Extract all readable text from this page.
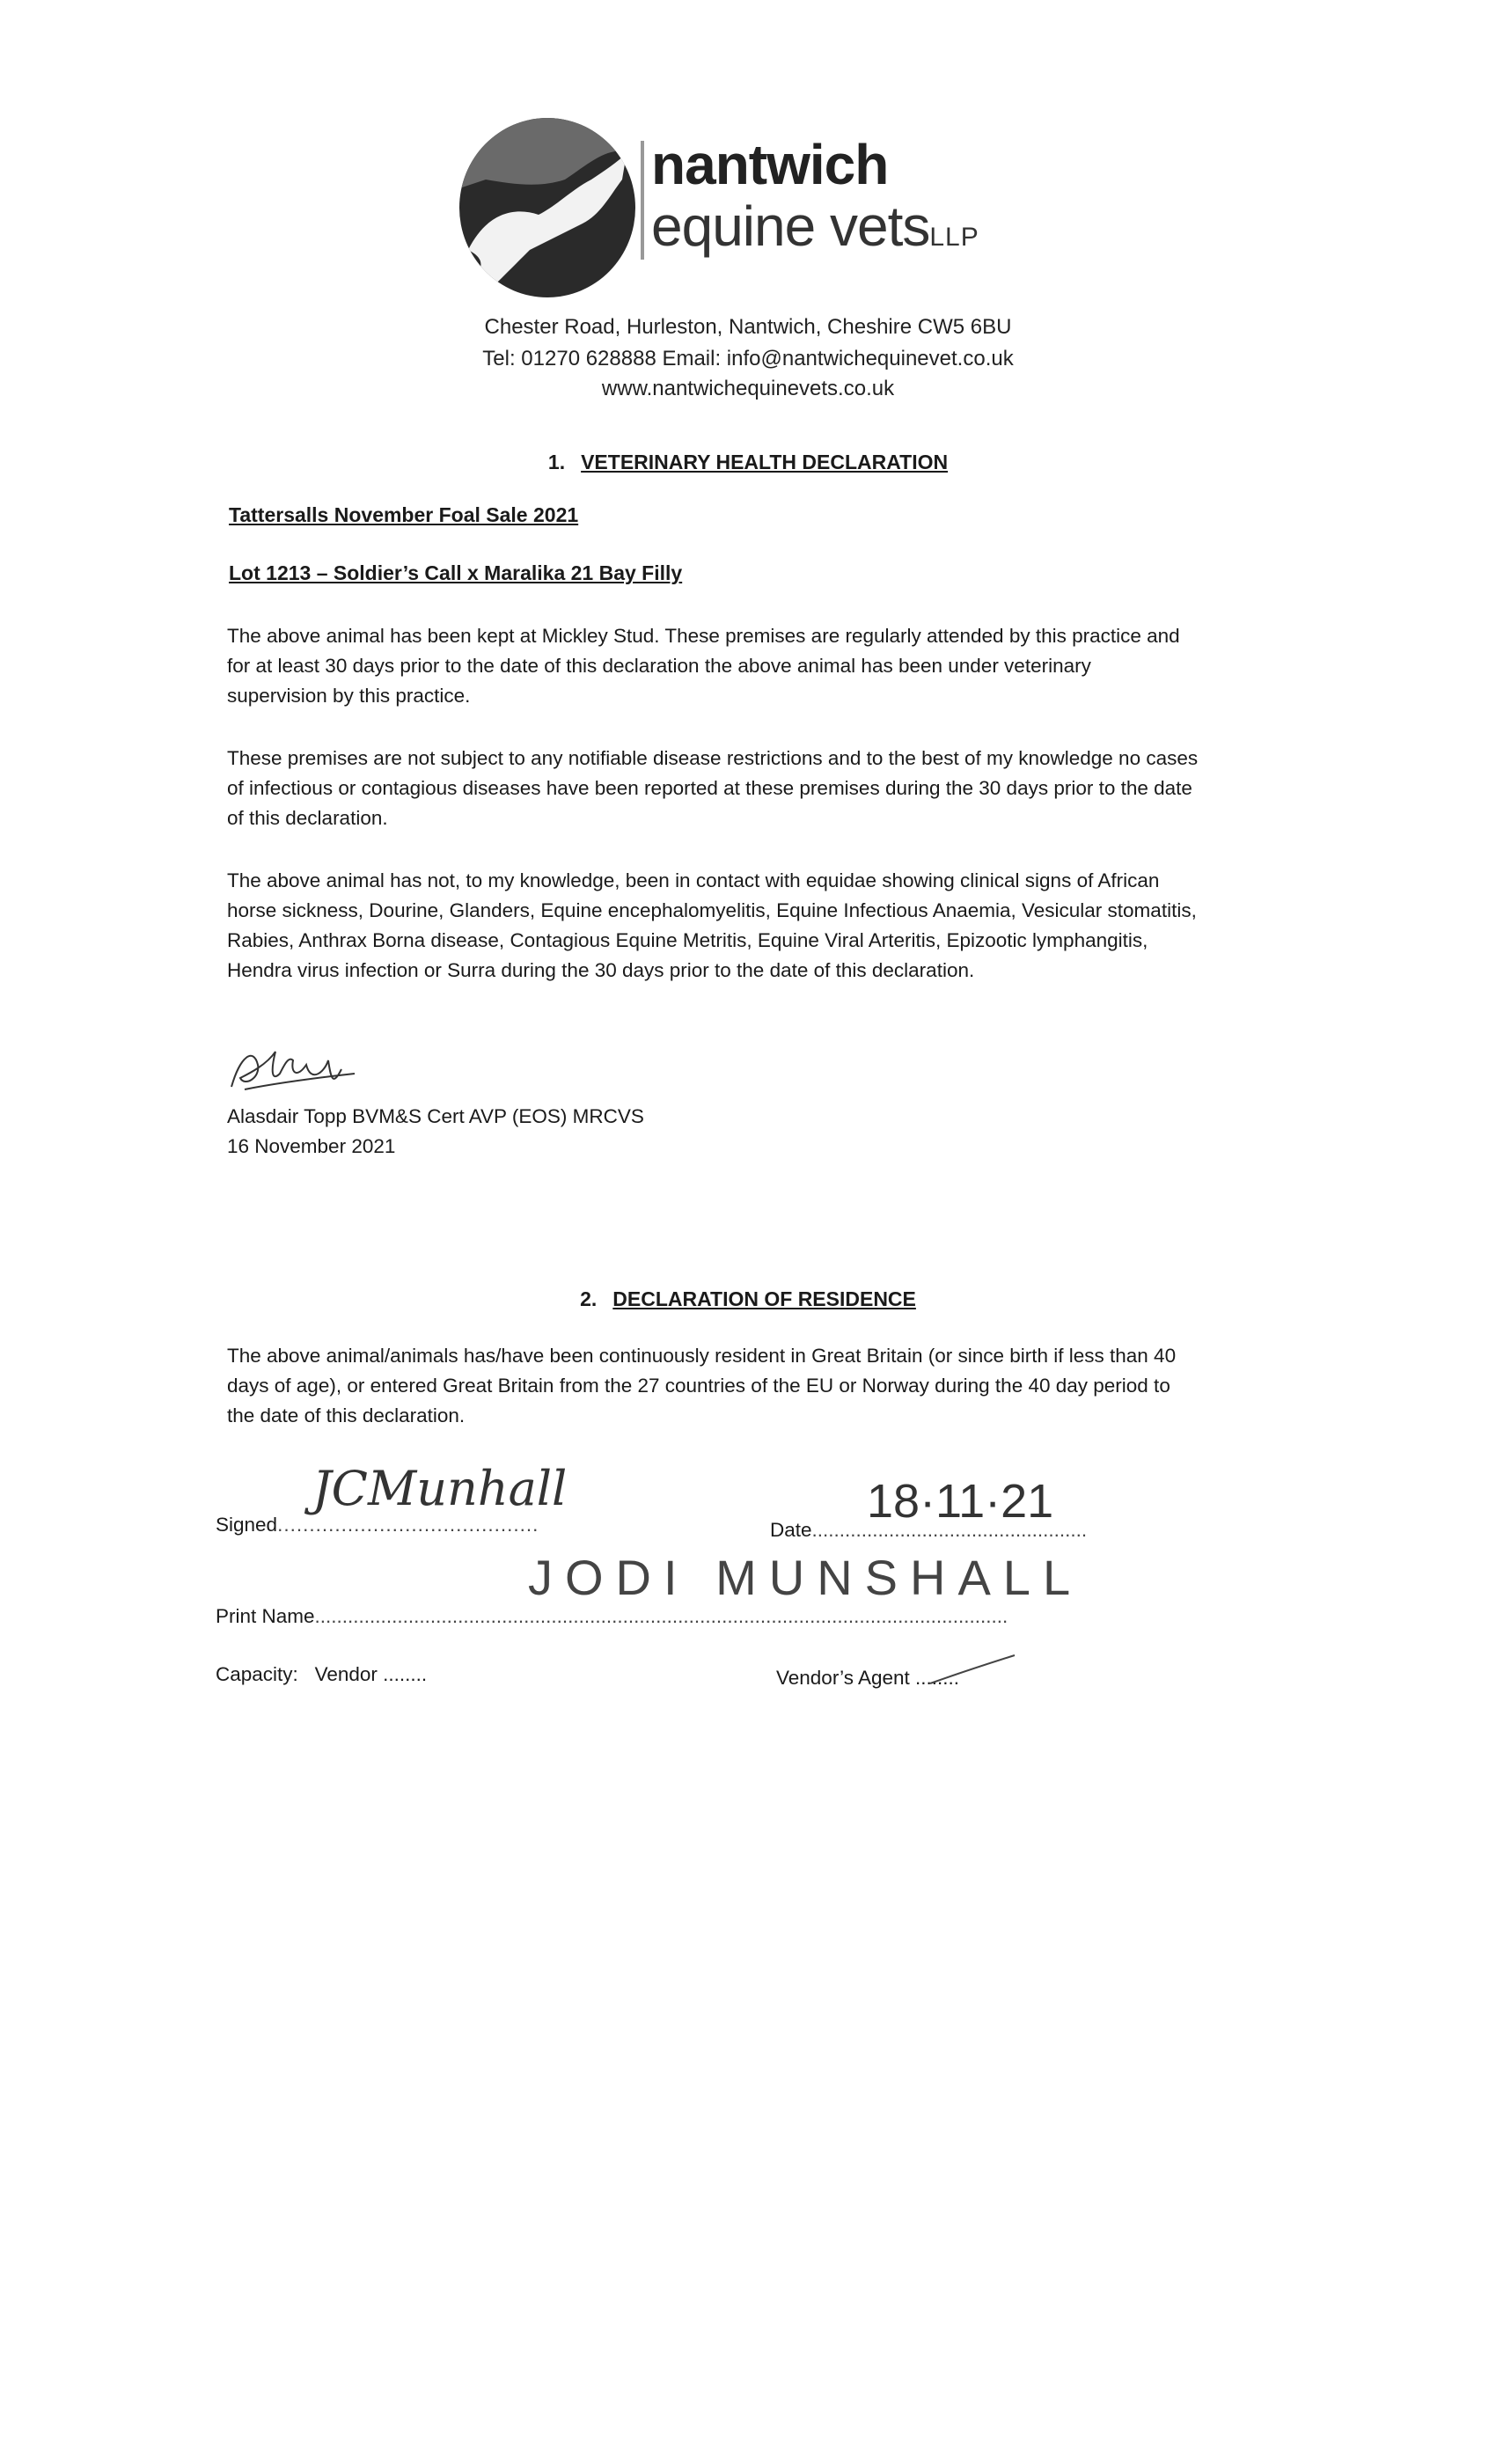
nantwich
equine vetsLLP
Chester Road, Hurleston, Nantwich, Cheshire CW5 6BU
Tel: 01270 628888 Email: info@nantwichequinevet.co.uk
www.nantwichequinevets.co.uk
1. VETERINARY HEALTH DECLARATION
Tattersalls November Foal Sale 2021
Lot 1213 – Soldier’s Call x Maralika 21 Bay Filly
The above animal has been kept at Mickley Stud. These premises are regularly attended by this practice and
for at least 30 days prior to the date of this declaration the above animal has been under veterinary
supervision by this practice.
These premises are not subject to any notifiable disease restrictions and to the best of my knowledge no cases
of infectious or contagious diseases have been reported at these premises during the 30 days prior to the date
of this declaration.
The above animal has not, to my knowledge, been in contact with equidae showing clinical signs of African
horse sickness, Dourine, Glanders, Equine encephalomyelitis, Equine Infectious Anaemia, Vesicular stomatitis,
Rabies, Anthrax Borna disease, Contagious Equine Metritis, Equine Viral Arteritis, Epizootic lymphangitis,
Hendra virus infection or Surra during the 30 days prior to the date of this declaration.
Alasdair Topp BVM&S Cert AVP (EOS) MRCVS
16 November 2021
2. DECLARATION OF RESIDENCE
The above animal/animals has/have been continuously resident in Great Britain (or since birth if less than 40
days of age), or entered Great Britain from the 27 countries of the EU or Norway during the 40 day period to
the date of this declaration.
Signed.........................................
JCMunhall
Date..................................................
18·11·21
Print Name..............................................................................................................................
JODI MUNSHALL
Capacity: Vendor ........	Vendor’s Agent ........
